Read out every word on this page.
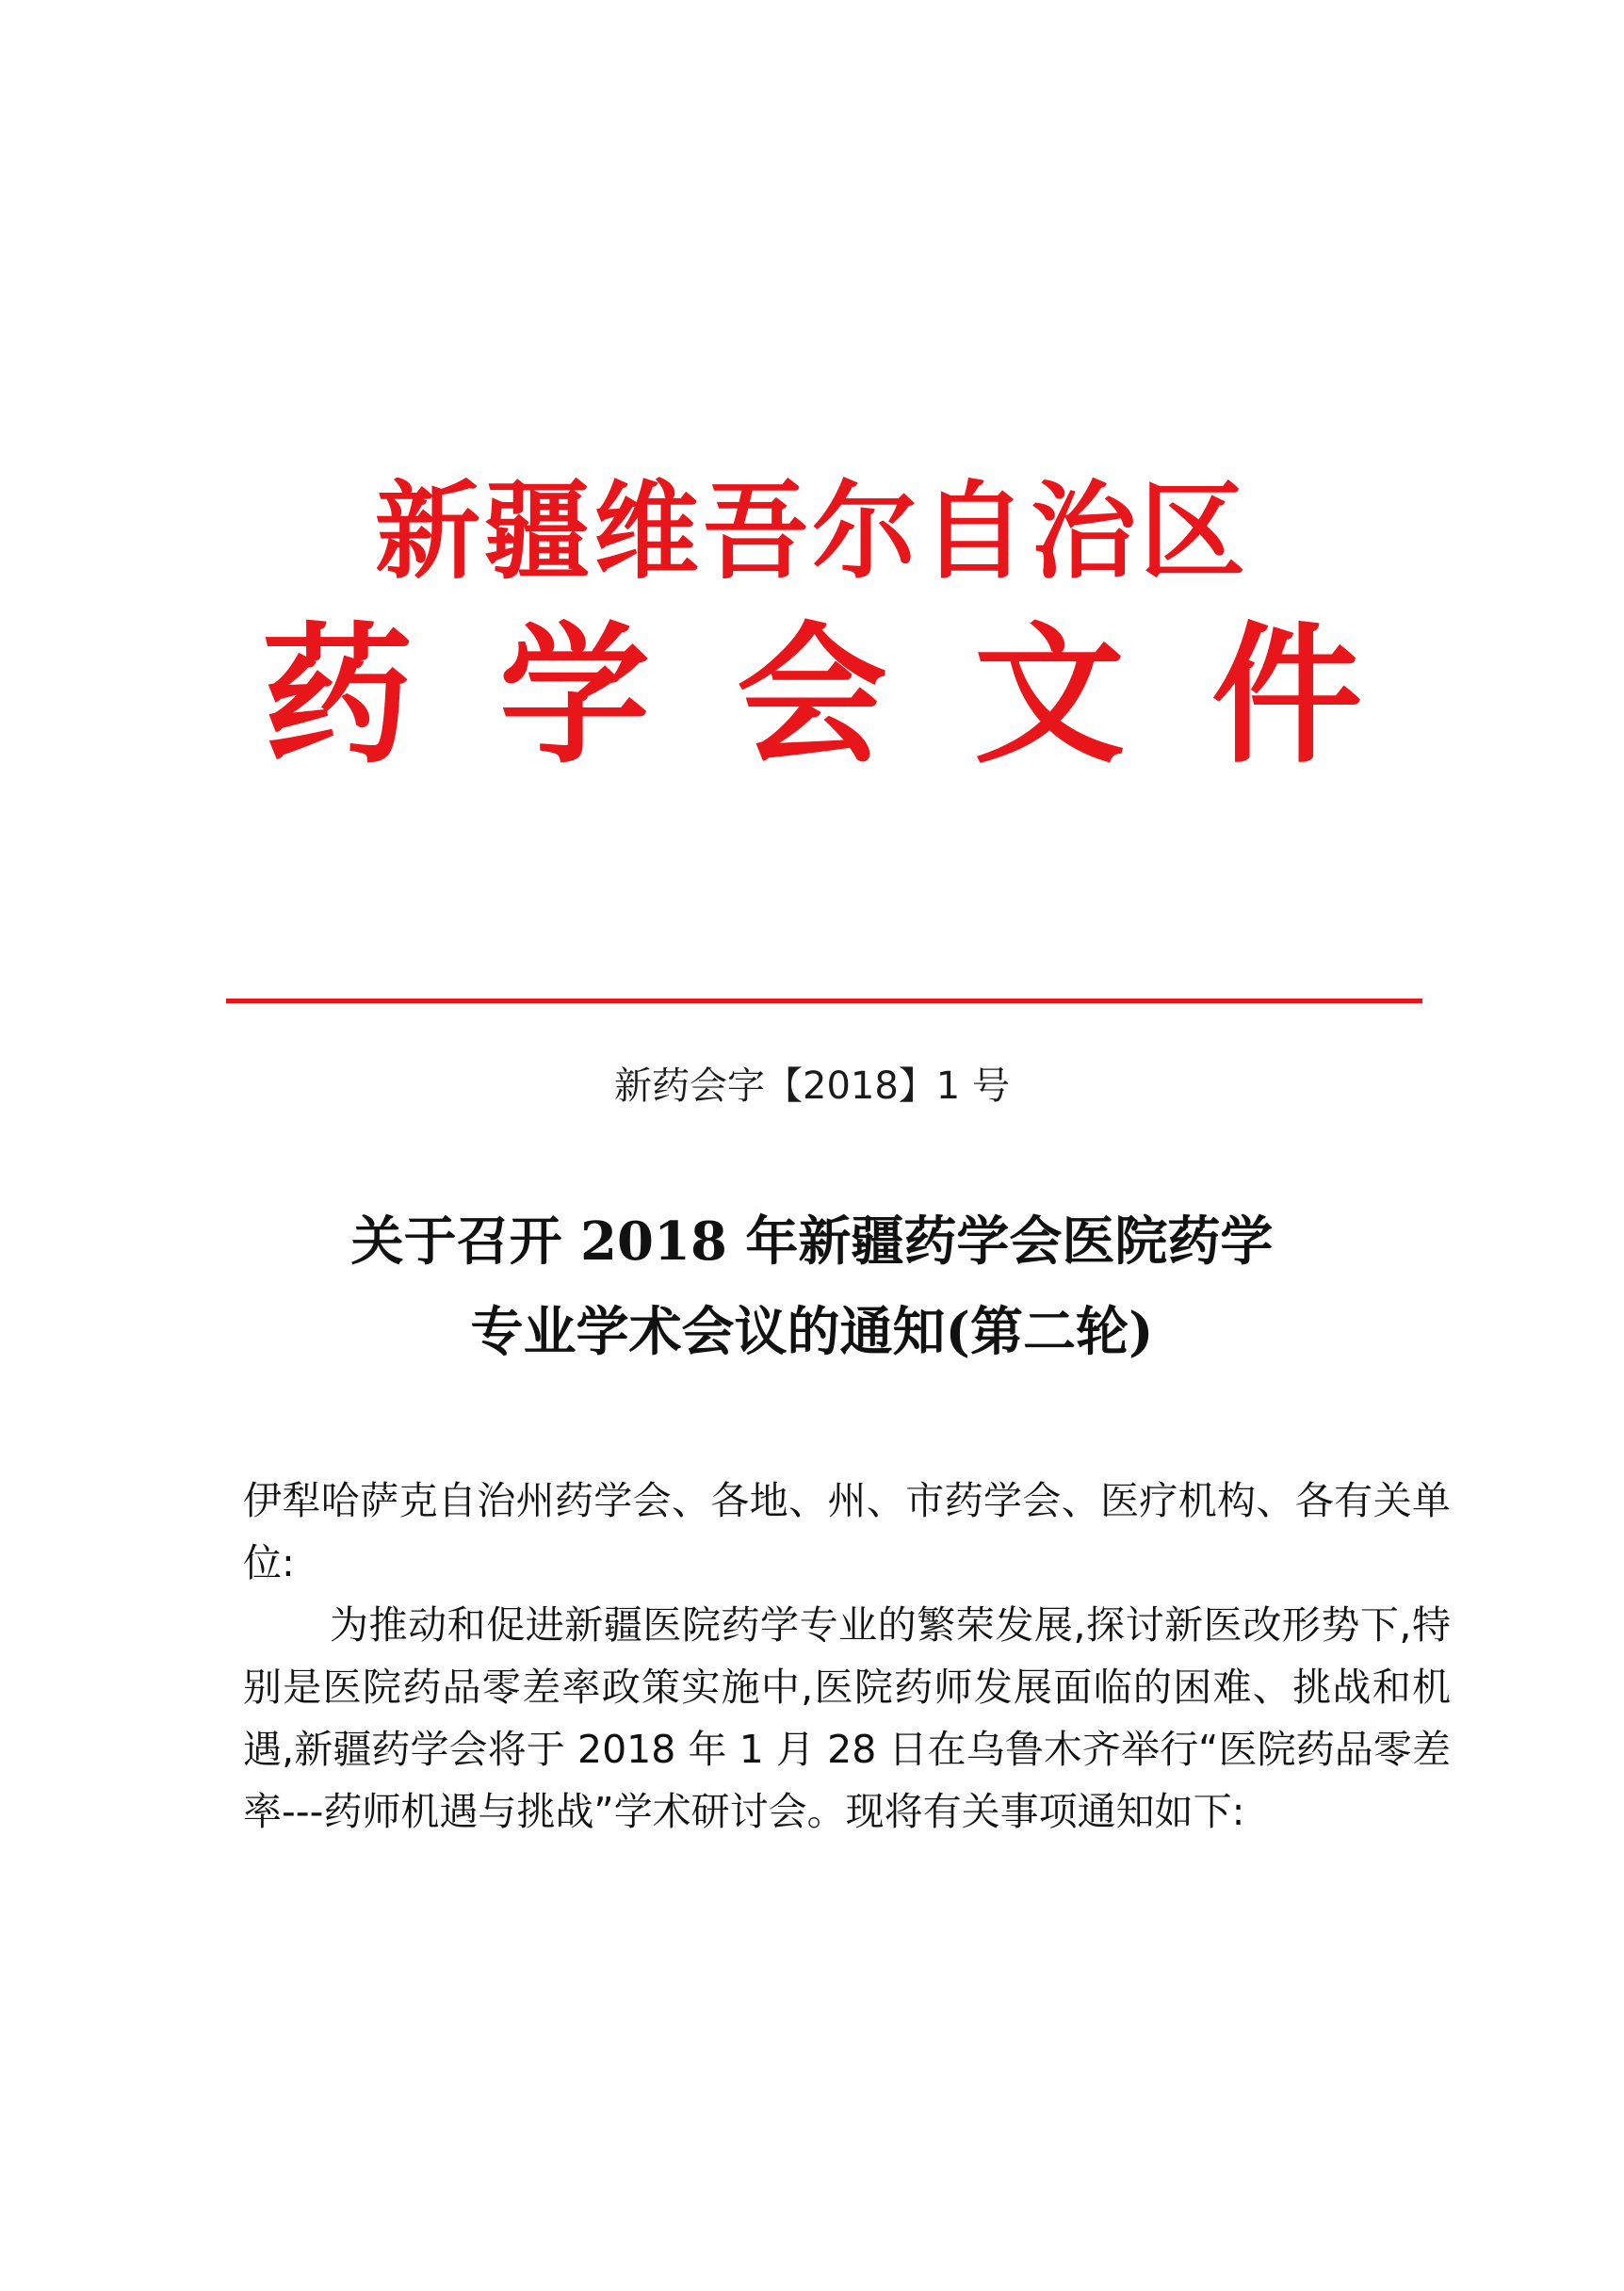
新疆维吾尔自治区
药学会文件
新药会字【2018】1 号
关于召开 2018 年新疆药学会医院药学
专业学术会议的通知(第二轮)

伊犁哈萨克自治州药学会、各地、州、市药学会、医疗机构、各有关单位:

为推动和促进新疆医院药学专业的繁荣发展,探讨新医改形势下,特别是医院药品零差率政策实施中,医院药师发展面临的困难、挑战和机遇,新疆药学会将于 2018 年 1 月 28 日在乌鲁木齐举行“医院药品零差率---药师机遇与挑战”学术研讨会。现将有关事项通知如下:
